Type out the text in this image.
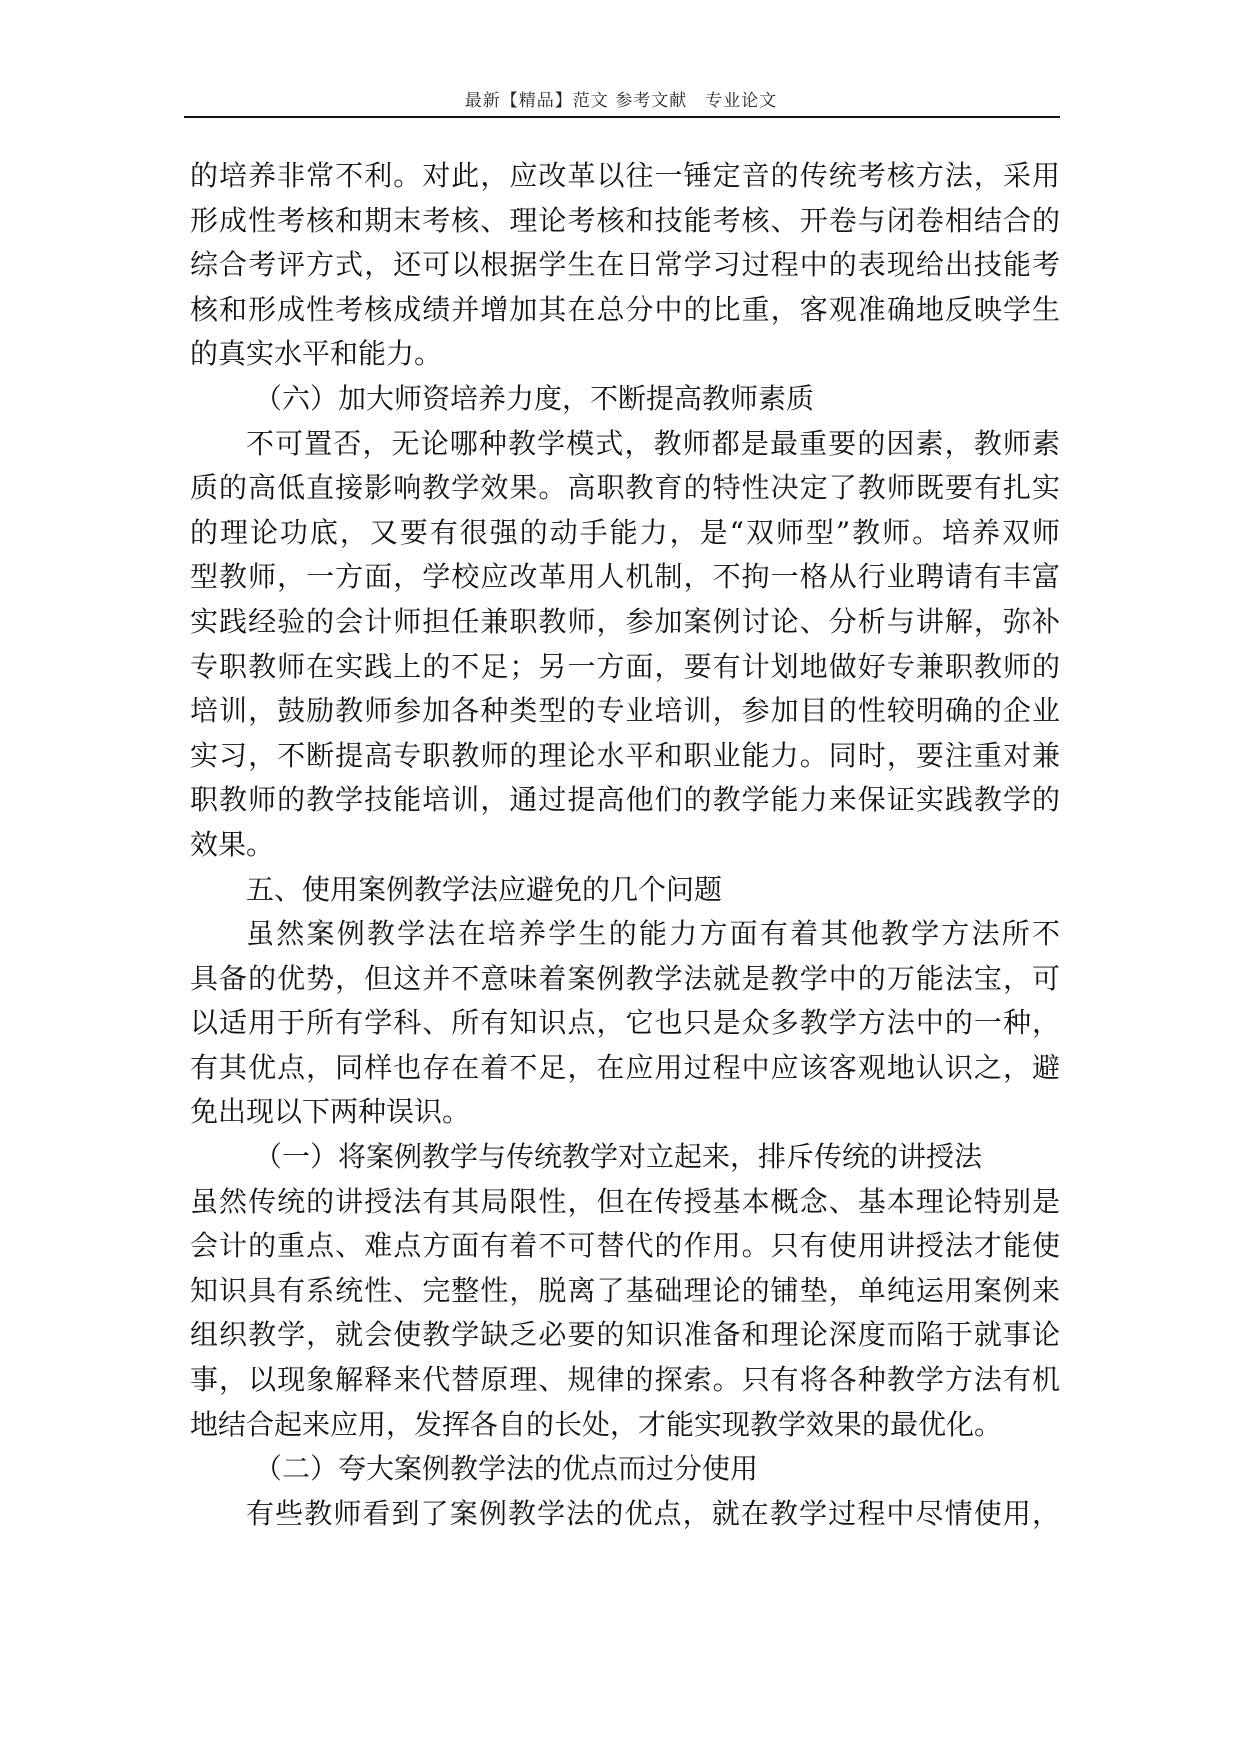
最新【精品】范文 参考文献　专业论文
的培养非常不利。对此，应改革以往一锤定音的传统考核方法，采用
形成性考核和期末考核、理论考核和技能考核、开卷与闭卷相结合的
综合考评方式，还可以根据学生在日常学习过程中的表现给出技能考
核和形成性考核成绩并增加其在总分中的比重，客观准确地反映学生
的真实水平和能力。
（六）加大师资培养力度，不断提高教师素质
不可置否，无论哪种教学模式，教师都是最重要的因素，教师素
质的高低直接影响教学效果。高职教育的特性决定了教师既要有扎实
的理论功底，又要有很强的动手能力，是“双师型”教师。培养双师
型教师，一方面，学校应改革用人机制，不拘一格从行业聘请有丰富
实践经验的会计师担任兼职教师，参加案例讨论、分析与讲解，弥补
专职教师在实践上的不足；另一方面，要有计划地做好专兼职教师的
培训，鼓励教师参加各种类型的专业培训，参加目的性较明确的企业
实习，不断提高专职教师的理论水平和职业能力。同时，要注重对兼
职教师的教学技能培训，通过提高他们的教学能力来保证实践教学的
效果。
五、使用案例教学法应避免的几个问题
虽然案例教学法在培养学生的能力方面有着其他教学方法所不
具备的优势，但这并不意味着案例教学法就是教学中的万能法宝，可
以适用于所有学科、所有知识点，它也只是众多教学方法中的一种，
有其优点，同样也存在着不足，在应用过程中应该客观地认识之，避
免出现以下两种误识。
（一）将案例教学与传统教学对立起来，排斥传统的讲授法
虽然传统的讲授法有其局限性，但在传授基本概念、基本理论特别是
会计的重点、难点方面有着不可替代的作用。只有使用讲授法才能使
知识具有系统性、完整性，脱离了基础理论的铺垫，单纯运用案例来
组织教学，就会使教学缺乏必要的知识准备和理论深度而陷于就事论
事，以现象解释来代替原理、规律的探索。只有将各种教学方法有机
地结合起来应用，发挥各自的长处，才能实现教学效果的最优化。
（二）夸大案例教学法的优点而过分使用
有些教师看到了案例教学法的优点，就在教学过程中尽情使用，
